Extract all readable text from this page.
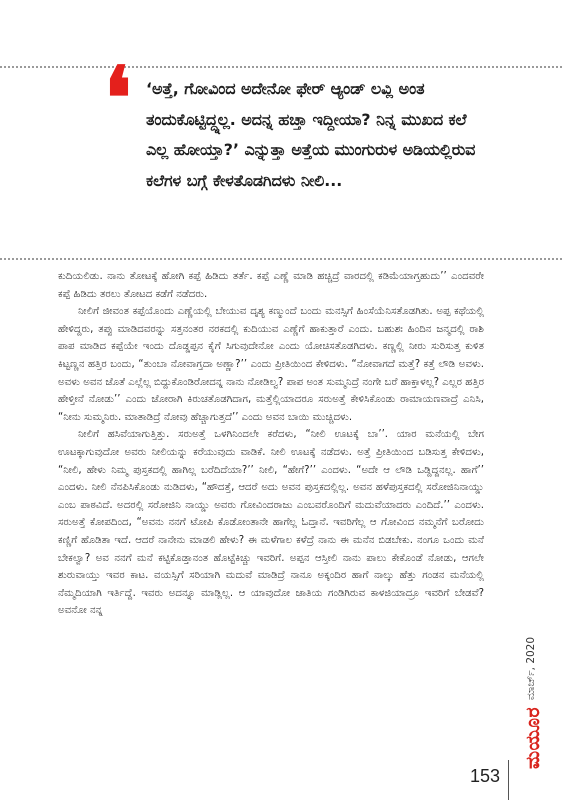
❛ ‘ಅತ್ತೆ, ಗೋವಿಂದ ಅದೇನೋ ಫೇರ್ ಆ್ಯಂಡ್ ಲವ್ಲಿ ಅಂತ ತಂದುಕೊಟ್ಟಿದ್ದ್ನಲ್ಲ. ಅದನ್ನ ಹಚ್ತಾ ಇದ್ದೀಯಾ? ನಿನ್ನ ಮುಖದ ಕಲೆ ಎಲ್ಲ ಹೋಯ್ತಾ?’ ಎನ್ನುತ್ತಾ ಅತ್ತೆಯ ಮುಂಗುರುಳ ಅಡಿಯಲ್ಲಿರುವ ಕಲೆಗಳ ಬಗ್ಗೆ ಕೇಳತೊಡಗಿದಳು ನೀಲಿ...

ಕುದಿಯಲಿಡು. ನಾನು ತೋಟಕ್ಕೆ ಹೋಗಿ ಕಪ್ಪೆ ಹಿಡಿದು ತರ್ತೆ. ಕಪ್ಪೆ ಎಣ್ಣೆ ಮಾಡಿ ಹಚ್ಚಿದ್ರೆ ವಾರದಲ್ಲಿ ಕಡಿಮೆಯಾಗ್ತಹುದು’’ ಎಂದವರೇ ಕಪ್ಪೆ ಹಿಡಿದು ತರಲು ತೋಟದ ಕಡೆಗೆ ನಡೆದರು.

ನೀಲಿಗೆ ಜೀವಂತ ಕಪ್ಪೆಯೊಂದು ಎಣ್ಣೆಯಲ್ಲಿ ಬೇಯುವ ದೃಶ್ಯ ಕಣ್ಮುಂದೆ ಬಂದು ಮನಸ್ಸಿಗೆ ಹಿಂಸೆಯೆನಿಸತೊಡಗಿತು. ಅಪ್ಪ ಕಥೆಯಲ್ಲಿ ಹೇಳಿದ್ದರು, ತಪ್ಪು ಮಾಡಿದವರನ್ನು ಸತ್ತನಂತರ ನರಕದಲ್ಲಿ ಕುದಿಯುವ ಎಣ್ಣೆಗೆ ಹಾಕುತ್ತಾರೆ ಎಂದು. ಬಹುಶಃ ಹಿಂದಿನ ಜನ್ಮದಲ್ಲಿ ರಾಶಿ ಪಾಪ ಮಾಡಿದ ಕಪ್ಪೆಯೇ ಇಂದು ದೊಡ್ಡಪ್ಪನ ಕೈಗೆ ಸಿಗುವುದೇನೋ ಎಂದು ಯೋಚಿಸತೊಡಗಿದಳು. ಕಣ್ಣಲ್ಲಿ ನೀರು ಸುರಿಸುತ್ತ ಕುಳಿತ ಕಿಟ್ಟಣ್ಣನ ಹತ್ತಿರ ಬಂದು, “ತುಂಬಾ ನೋವಾಗ್ತದಾ ಅಣ್ಣಾ?’’ ಎಂದು ಪ್ರೀತಿಯಿಂದ ಕೇಳಿದಳು. “ನೋವಾಗದೆ ಮತ್ತೆ? ಕತ್ತೆ ಲೌಡಿ ಅವಳು. ಅವಳು ಅವನ ಜೊತೆ ಎಲ್ಲೆಲ್ಲ ಬಿದ್ದುಕೊಂಡಿರೋದನ್ನ ನಾನು ನೋಡಿಲ್ವ? ಪಾಪ ಅಂತ ಸುಮ್ಮನಿದ್ರೆ ನಂಗೇ ಬರೆ ಹಾಕ್ತಾಳಲ್ಲ? ಎಲ್ಲರ ಹತ್ತಿರ ಹೇಳ್ತೀನೆ ನೋಡು’’ ಎಂದು ಜೋರಾಗಿ ಕಿರುಚತೊಡಗಿದಾಗ, ಮತ್ತೆಲ್ಲಿಯಾದರೂ ಸರುಅತ್ತೆ ಕೇಳಿಸಿಕೊಂಡು ರಾಮಾಯಣವಾದ್ರೆ ಎನಿಸಿ, “ನೀನು ಸುಮ್ಮನಿರು. ಮಾತಾಡಿದ್ರೆ ನೋವು ಹೆಚ್ಚಾಗುತ್ತದೆ’’ ಎಂದು ಅವನ ಬಾಯಿ ಮುಚ್ಚಿದಳು.

ನೀಲಿಗೆ ಹಸಿವೆಯಾಗುತ್ತಿತ್ತು. ಸರುಅತ್ತೆ ಒಳಗಿನಿಂದಲೇ ಕರೆದಳು, “ನೀಲಿ ಊಟಕ್ಕೆ ಬಾ’’. ಯಾರ ಮನೆಯಲ್ಲಿ ಬೇಗ ಊಟಕ್ಕಾಗುವುದೋ ಅವರು ನೀಲಿಯನ್ನು ಕರೆಯುವುದು ವಾಡಿಕೆ. ನೀಲಿ ಊಟಕ್ಕೆ ನಡೆದಳು. ಅತ್ತೆ ಪ್ರೀತಿಯಿಂದ ಬಡಿಸುತ್ತ ಕೇಳಿದಳು, “ನೀಲಿ, ಹೇಳು ನಿಮ್ಮ ಪುಸ್ತಕದಲ್ಲಿ ಹಾಗಿಲ್ಲ ಬರೆದಿದೆಯಾ?’’ ನೀಲಿ, “ಹೇಗೆ?’’ ಎಂದಳು. “ಅದೇ ಆ ಲೌಡಿ ಒಡ್ದಿದ್ದನಲ್ಲ. ಹಾಗೆ’’ ಎಂದಳು. ನೀಲಿ ನೆನಪಿಸಿಕೊಂಡು ನುಡಿದಳು, “ಹೌದತ್ತೆ, ಆದರೆ ಅದು ಅವನ ಪುಸ್ತಕದಲ್ಲಿಲ್ಲ. ಅವನ ಹಳೆಪುಸ್ತಕದಲ್ಲಿ ಸರೋಜಿನಿನಾಯ್ಡು ಎಂಬ ಪಾಠವಿದೆ. ಅದರಲ್ಲಿ ಸರೋಜಿನಿ ನಾಯ್ಡು ಅವರು ಗೋವಿಂದರಾಜು ಎಂಬವರೊಂದಿಗೆ ಮದುವೆಯಾದರು ಎಂದಿದೆ.’’ ಎಂದಳು. ಸರುಅತ್ತೆ ಕೋಪದಿಂದ, “ಅವನು ನನಗೆ ಟೋಪಿ ಕೊಡೋಂತಾನೇ ಹಾಗೆಲ್ಲ ಓದ್ತಾನೆ. ಇವರಿಗೆಲ್ಲ ಆ ಗೋವಿಂದ ನಮ್ಮನೆಗೆ ಬರೋದು ಕಣ್ಣಿಗೆ ಹೊಡಿತಾ ಇದೆ. ಆದರೆ ನಾನೇನು ಮಾಡಲಿ ಹೇಳು? ಈ ಮಳೆಗಾಲ ಕಳೆದ್ರೆ ನಾನು ಈ ಮನೆನ ಬಿಡಬೇಕು. ನಂಗೂ ಒಂದು ಮನೆ ಬೇಕಲ್ವಾ? ಅವ ನನಗೆ ಮನೆ ಕಟ್ಟಿಕೊಡ್ತಾನಂತ ಹೊಟ್ಟೆಕಿಚ್ಚು ಇವರಿಗೆ. ಅಪ್ಪನ ಆಸ್ತೀಲಿ ನಾನು ಪಾಲು ಕೇಕೊಂಡೆ ನೋಡು, ಆಗಲೇ ಶುರುವಾಯ್ತು ಇವರ ಕಾಟ. ವಯಸ್ಸಿಗೆ ಸರಿಯಾಗಿ ಮದುವೆ ಮಾಡಿದ್ರೆ ನಾನೂ ಅಕ್ಕಂದಿರ ಹಾಗೆ ನಾಲ್ಕು ಹೆತ್ತು ಗಂಡನ ಮನೆಯಲ್ಲಿ ನೆಮ್ಮದಿಯಾಗಿ ಇರ್ತಿದ್ದೆ. ಇವರು ಅದನ್ನೂ ಮಾಡ್ಲಿಲ್ಲ. ಆ ಯಾವುದೋ ಜಾತಿಯ ಗಂಡಿಗಿರುವ ಕಾಳಜಿಯಾದ್ರೂ ಇವರಿಗೆ ಬೇಡವೆ? ಅವನೋ ನನ್ನ

ಮಾರ್ಚ್, 2020
ಮಯೂರ
153
